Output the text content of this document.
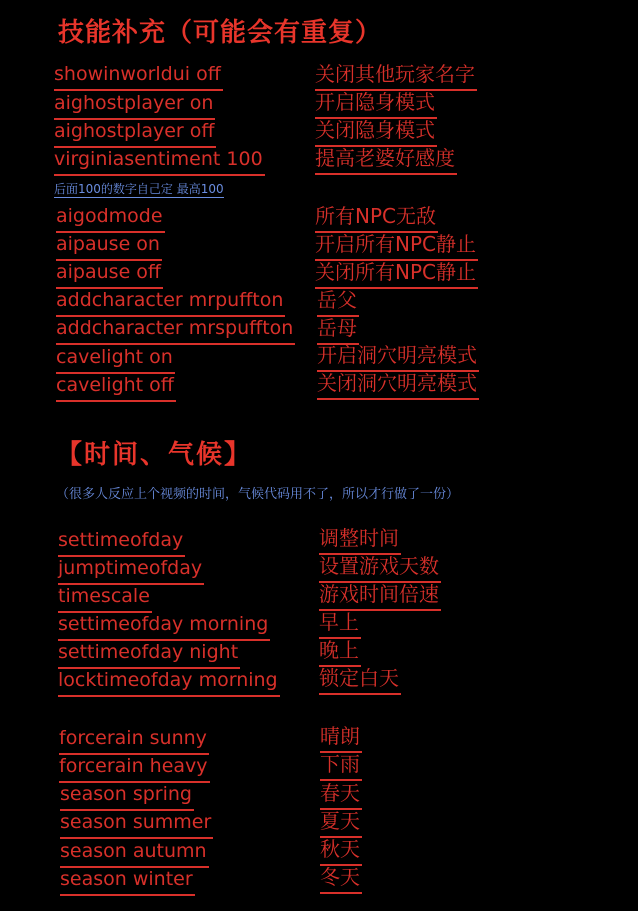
技能补充（可能会有重复）
showinworldui off	关闭其他玩家名字
aighostplayer on	开启隐身模式
aighostplayer off	关闭隐身模式
virginiasentiment 100	提高老婆好感度
后面100的数字自己定 最高100
aigodmode	所有NPC无敌
aipause on	开启所有NPC静止
aipause off	关闭所有NPC静止
addcharacter mrpuffton 岳父
addcharacter mrspuffton 岳母
cavelight on	开启洞穴明亮模式
cavelight off	关闭洞穴明亮模式
【时间、气候】
（很多人反应上个视频的时间，气候代码用不了，所以才行做了一份）
settimeofday	调整时间
jumptimeofday	设置游戏天数
timescale	游戏时间倍速
settimeofday morning	早上
settimeofday night	晚上
locktimeofday morning 锁定白天
forcerain sunny	晴朗
forcerain heavy	下雨
season spring	春天
season summer	夏天
season autumn	秋天
season winter	冬天
